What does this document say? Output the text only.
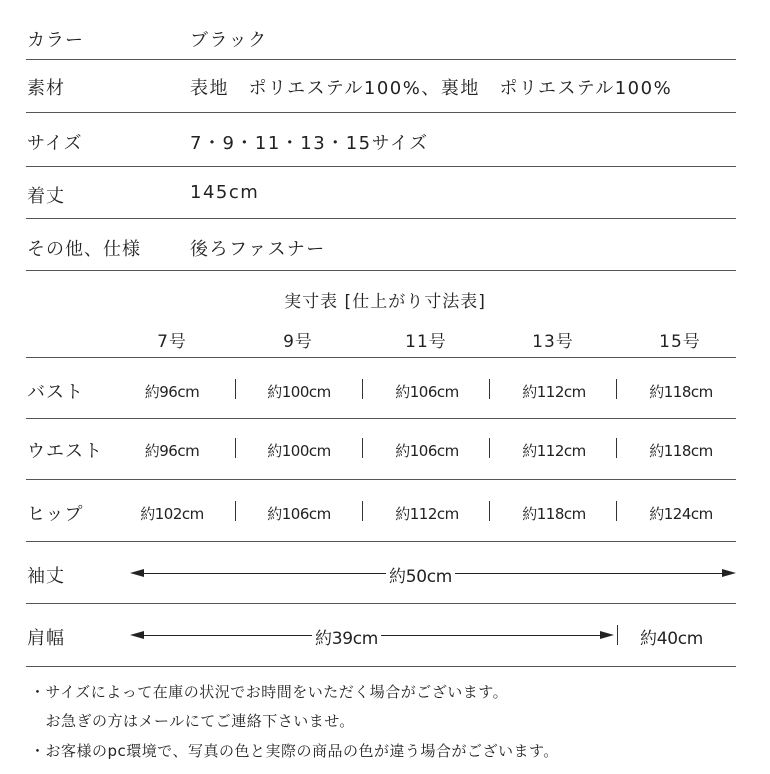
カラー	ブラック
素材	表地　ポリエステル100%、裏地　ポリエステル100%
サイズ	7・9・11・13・15サイズ
着丈	145cm
その他、仕様	後ろファスナー
実寸表 [仕上がり寸法表]
7号	9号	11号	13号	15号
バスト	約96cm	約100cm	約106cm	約112cm	約118cm
ウエスト	約96cm	約100cm	約106cm	約112cm	約118cm
ヒップ	約102cm	約106cm	約112cm	約118cm	約124cm
袖丈	約50cm
肩幅	約39cm	約40cm
・サイズによって在庫の状況でお時間をいただく場合がございます。
　お急ぎの方はメールにてご連絡下さいませ。
・お客様のpc環境で、写真の色と実際の商品の色が違う場合がございます。
